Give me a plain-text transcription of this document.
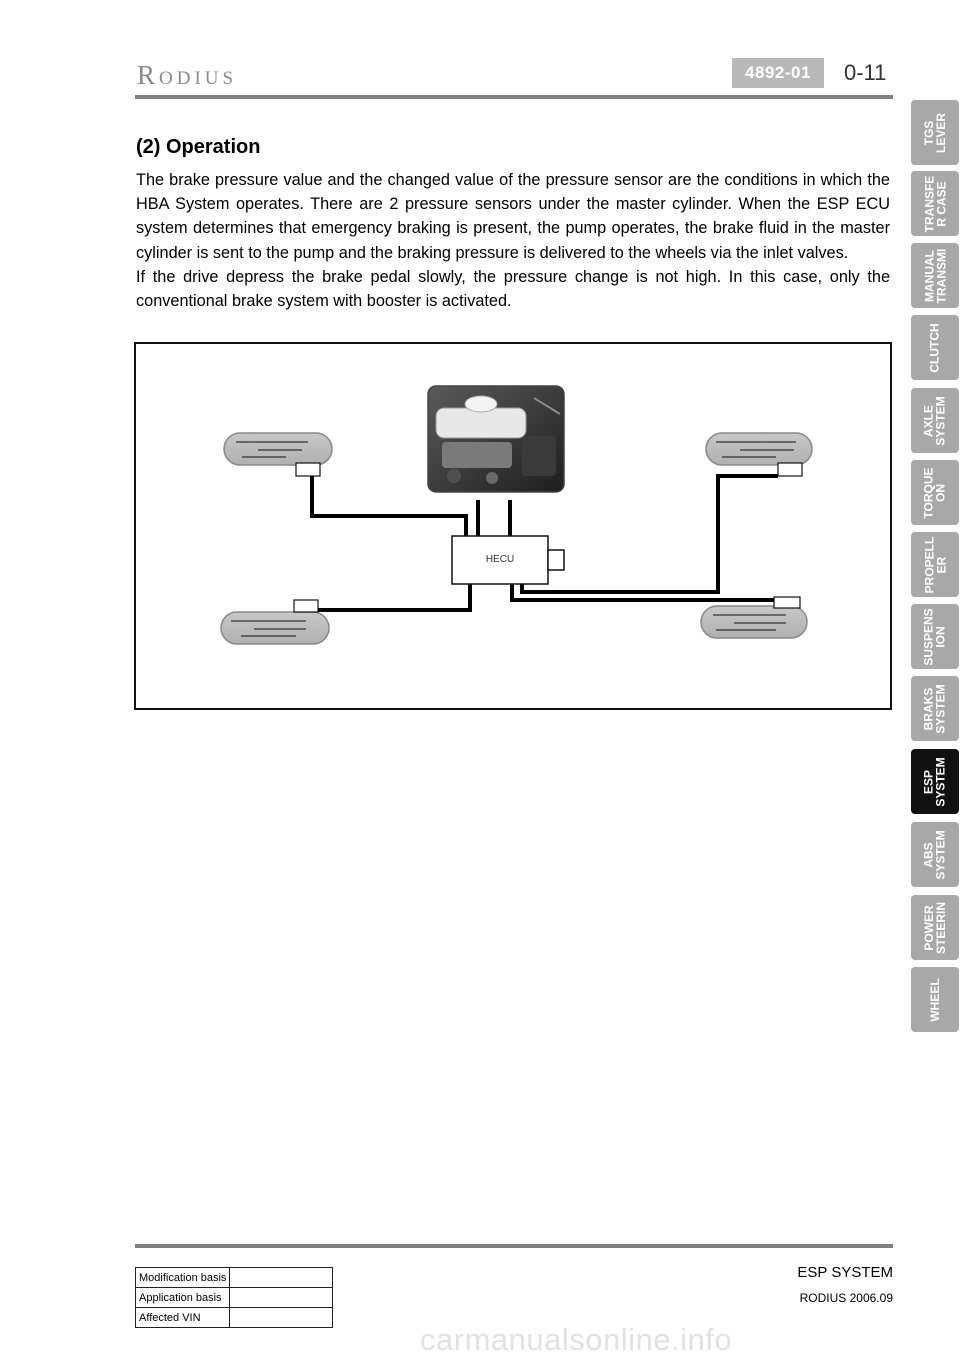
Rodius	4892-01	0-11
(2) Operation

The brake pressure value and the changed value of the pressure sensor are the conditions in which the HBA System operates. There are 2 pressure sensors under the master cylinder. When the ESP ECU system determines that emergency braking is present, the pump operates, the brake fluid in the master cylinder is sent to the pump and the braking pressure is delivered to the wheels via the inlet valves.

If the drive depress the brake pedal slowly, the pressure change is not high. In this case, only the conventional brake system with booster is activated.

HECU
TGS
LEVER
TRANSFE
R CASE
MANUAL
TRANSMI
CLUTCH
AXLE
SYSTEM
TORQUE
ON
PROPELL
ER
SUSPENS
ION
BRAKS
SYSTEM
ESP
SYSTEM
ABS
SYSTEM
POWER
STEERIN
WHEEL
ESP SYSTEM
RODIUS 2006.09
Modification basis	
Application basis	
Affected VIN	
carmanualsonline.info
